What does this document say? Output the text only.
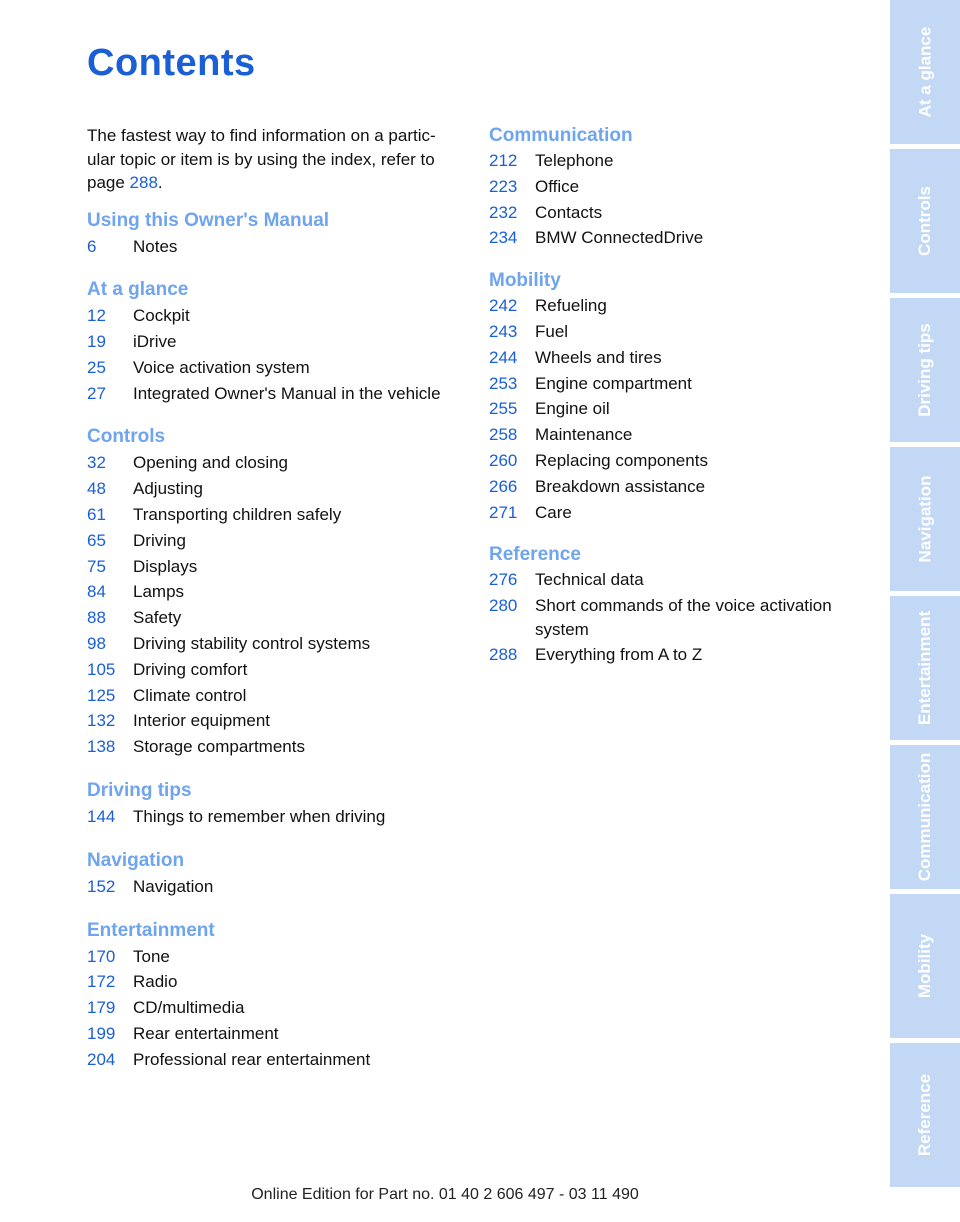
Contents

The fastest way to find information on a partic- ular topic or item is by using the index, refer to page 288.

Using this Owner's Manual
6	Notes
At a glance
12	Cockpit
19	iDrive
25	Voice activation system
27	Integrated Owner's Manual in the vehicle
Controls
32	Opening and closing
48	Adjusting
61	Transporting children safely
65	Driving
75	Displays
84	Lamps
88	Safety
98	Driving stability control systems
105	Driving comfort
125	Climate control
132	Interior equipment
138	Storage compartments
Driving tips
144	Things to remember when driving
Navigation
152	Navigation
Entertainment
170	Tone
172	Radio
179	CD/multimedia
199	Rear entertainment
204	Professional rear entertainment
Communication
212	Telephone
223	Office
232	Contacts
234	BMW ConnectedDrive
Mobility
242	Refueling
243	Fuel
244	Wheels and tires
253	Engine compartment
255	Engine oil
258	Maintenance
260	Replacing components
266	Breakdown assistance
271	Care
Reference
276	Technical data
280	Short commands of the voice activation system
288	Everything from A to Z
At a glance
Controls
Driving tips
Navigation
Entertainment
Communication
Mobility
Reference
Online Edition for Part no. 01 40 2 606 497 - 03 11 490
